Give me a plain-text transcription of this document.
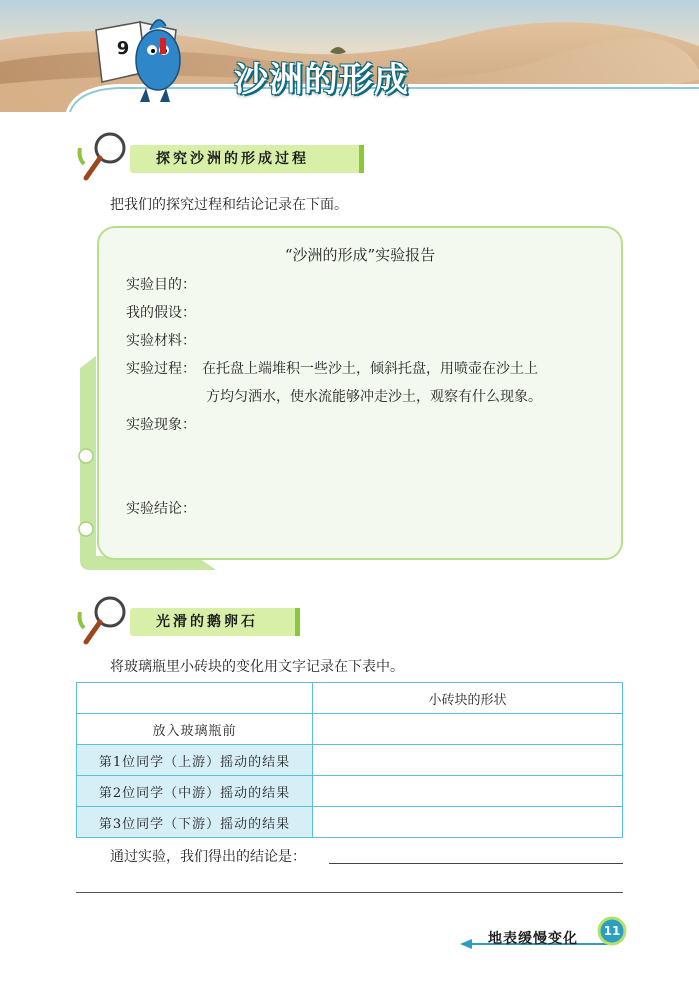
9
沙洲的形成
探究沙洲的形成过程
把我们的探究过程和结论记录在下面。
“沙洲的形成”实验报告
实验目的：
我的假设：
实验材料：
实验过程： 在托盘上端堆积一些沙土，倾斜托盘，用喷壶在沙土上
方均匀洒水，使水流能够冲走沙土，观察有什么现象。
实验现象：
实验结论：
光滑的鹅卵石
将玻璃瓶里小砖块的变化用文字记录在下表中。
	小砖块的形状
放入玻璃瓶前	
第1位同学（上游）摇动的结果	
第2位同学（中游）摇动的结果	
第3位同学（下游）摇动的结果	
通过实验，我们得出的结论是：
地表缓慢变化	11
